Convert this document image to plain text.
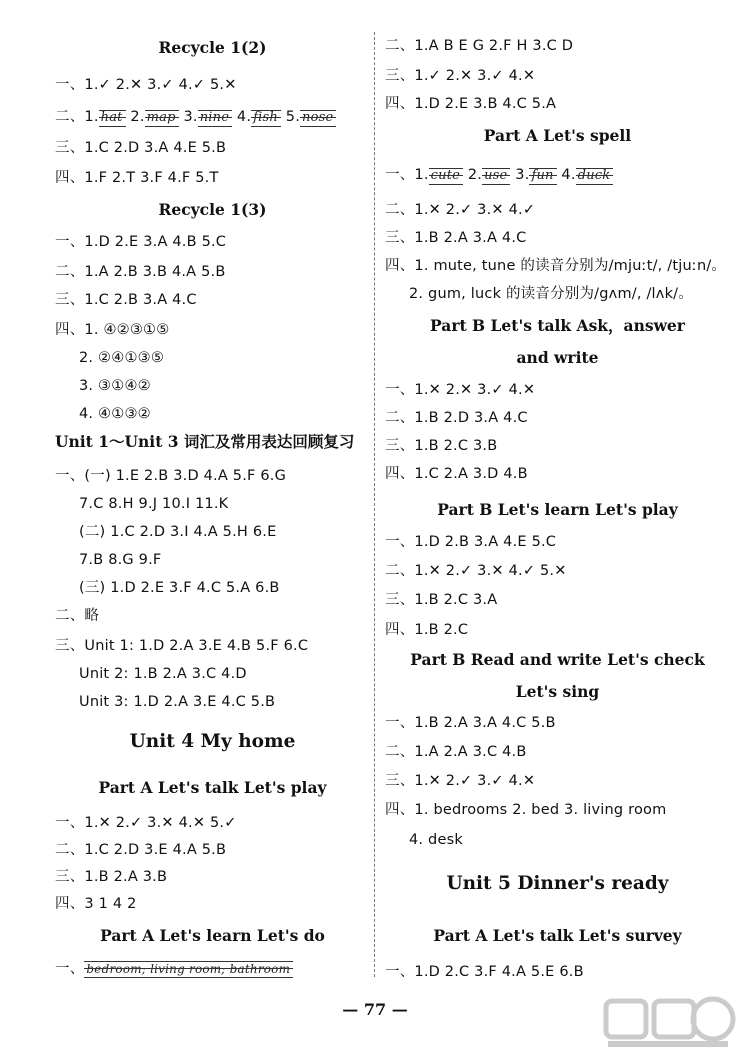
Recycle 1(2)
一、1.✓ 2.✕ 3.✓ 4.✓ 5.✕
二、1. hat 2. map 3. nine 4. fish 5. nose
三、1.C 2.D 3.A 4.E 5.B
四、1.F 2.T 3.F 4.F 5.T
Recycle 1(3)
一、1.D 2.E 3.A 4.B 5.C
二、1.A 2.B 3.B 4.A 5.B
三、1.C 2.B 3.A 4.C
四、1. ④②③①⑤
2. ②④①③⑤
3. ③①④②
4. ④①③②
Unit 1～Unit 3 词汇及常用表达回顾复习
一、(一) 1.E 2.B 3.D 4.A 5.F 6.G
7.C 8.H 9.J 10.I 11.K
(二) 1.C 2.D 3.I 4.A 5.H 6.E
7.B 8.G 9.F
(三) 1.D 2.E 3.F 4.C 5.A 6.B
二、略
三、Unit 1: 1.D 2.A 3.E 4.B 5.F 6.C
Unit 2: 1.B 2.A 3.C 4.D
Unit 3: 1.D 2.A 3.E 4.C 5.B
Unit 4 My home
Part A Let's talk Let's play
一、1.✕ 2.✓ 3.✕ 4.✕ 5.✓
二、1.C 2.D 3.E 4.A 5.B
三、1.B 2.A 3.B
四、3 1 4 2
Part A Let's learn Let's do
一、 bedroom; living room; bathroom
二、1.A B E G 2.F H 3.C D
三、1.✓ 2.✕ 3.✓ 4.✕
四、1.D 2.E 3.B 4.C 5.A
Part A Let's spell
一、1. cute 2. use 3. fun 4. duck
二、1.✕ 2.✓ 3.✕ 4.✓
三、1.B 2.A 3.A 4.C
四、1. mute, tune 的读音分别为/mjuːt/, /tjuːn/。
2. gum, luck 的读音分别为/gʌm/, /lʌk/。
Part B Let's talk Ask，answer
and write
一、1.✕ 2.✕ 3.✓ 4.✕
二、1.B 2.D 3.A 4.C
三、1.B 2.C 3.B
四、1.C 2.A 3.D 4.B
Part B Let's learn Let's play
一、1.D 2.B 3.A 4.E 5.C
二、1.✕ 2.✓ 3.✕ 4.✓ 5.✕
三、1.B 2.C 3.A
四、1.B 2.C
Part B Read and write Let's check
Let's sing
一、1.B 2.A 3.A 4.C 5.B
二、1.A 2.A 3.C 4.B
三、1.✕ 2.✓ 3.✓ 4.✕
四、1. bedrooms 2. bed 3. living room
4. desk
Unit 5 Dinner's ready
Part A Let's talk Let's survey
一、1.D 2.C 3.F 4.A 5.E 6.B
— 77 —
